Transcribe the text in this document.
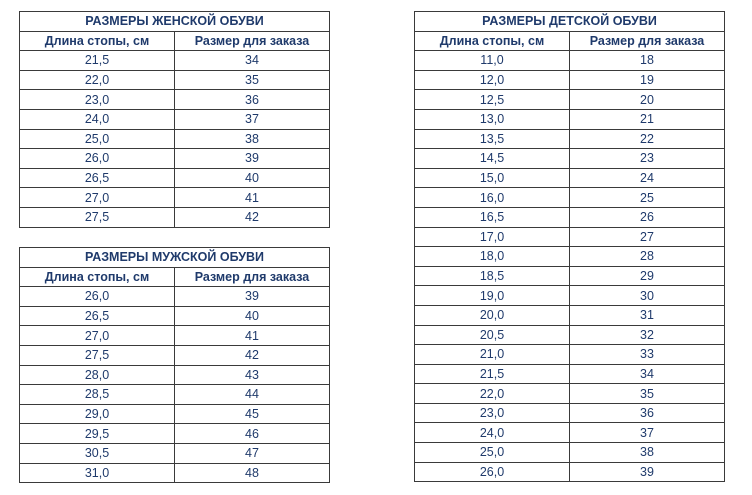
РАЗМЕРЫ ЖЕНСКОЙ ОБУВИ	
Длина стопы, см	Размер для заказа
21,5	34
22,0	35
23,0	36
24,0	37
25,0	38
26,0	39
26,5	40
27,0	41
27,5	42
РАЗМЕРЫ МУЖСКОЙ ОБУВИ	
Длина стопы, см	Размер для заказа
26,0	39
26,5	40
27,0	41
27,5	42
28,0	43
28,5	44
29,0	45
29,5	46
30,5	47
31,0	48
РАЗМЕРЫ ДЕТСКОЙ ОБУВИ	
Длина стопы, см	Размер для заказа
11,0	18
12,0	19
12,5	20
13,0	21
13,5	22
14,5	23
15,0	24
16,0	25
16,5	26
17,0	27
18,0	28
18,5	29
19,0	30
20,0	31
20,5	32
21,0	33
21,5	34
22,0	35
23,0	36
24,0	37
25,0	38
26,0	39
